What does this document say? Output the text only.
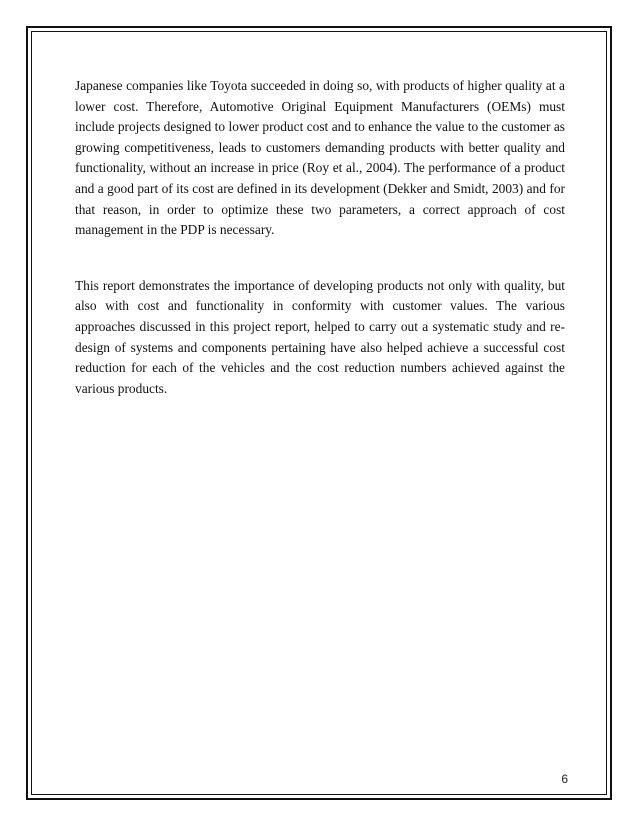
Japanese companies like Toyota succeeded in doing so, with products of higher quality at a lower cost. Therefore, Automotive Original Equipment Manufacturers (OEMs) must include projects designed to lower product cost and to enhance the value to the customer as growing competitiveness, leads to customers demanding products with better quality and functionality, without an increase in price (Roy et al., 2004). The performance of a product and a good part of its cost are defined in its development (Dekker and Smidt, 2003) and for that reason, in order to optimize these two parameters, a correct approach of cost management in the PDP is necessary.

This report demonstrates the importance of developing products not only with quality, but also with cost and functionality in conformity with customer values. The various approaches discussed in this project report, helped to carry out a systematic study and re-design of systems and components pertaining have also helped achieve a successful cost reduction for each of the vehicles and the cost reduction numbers achieved against the various products.

6
